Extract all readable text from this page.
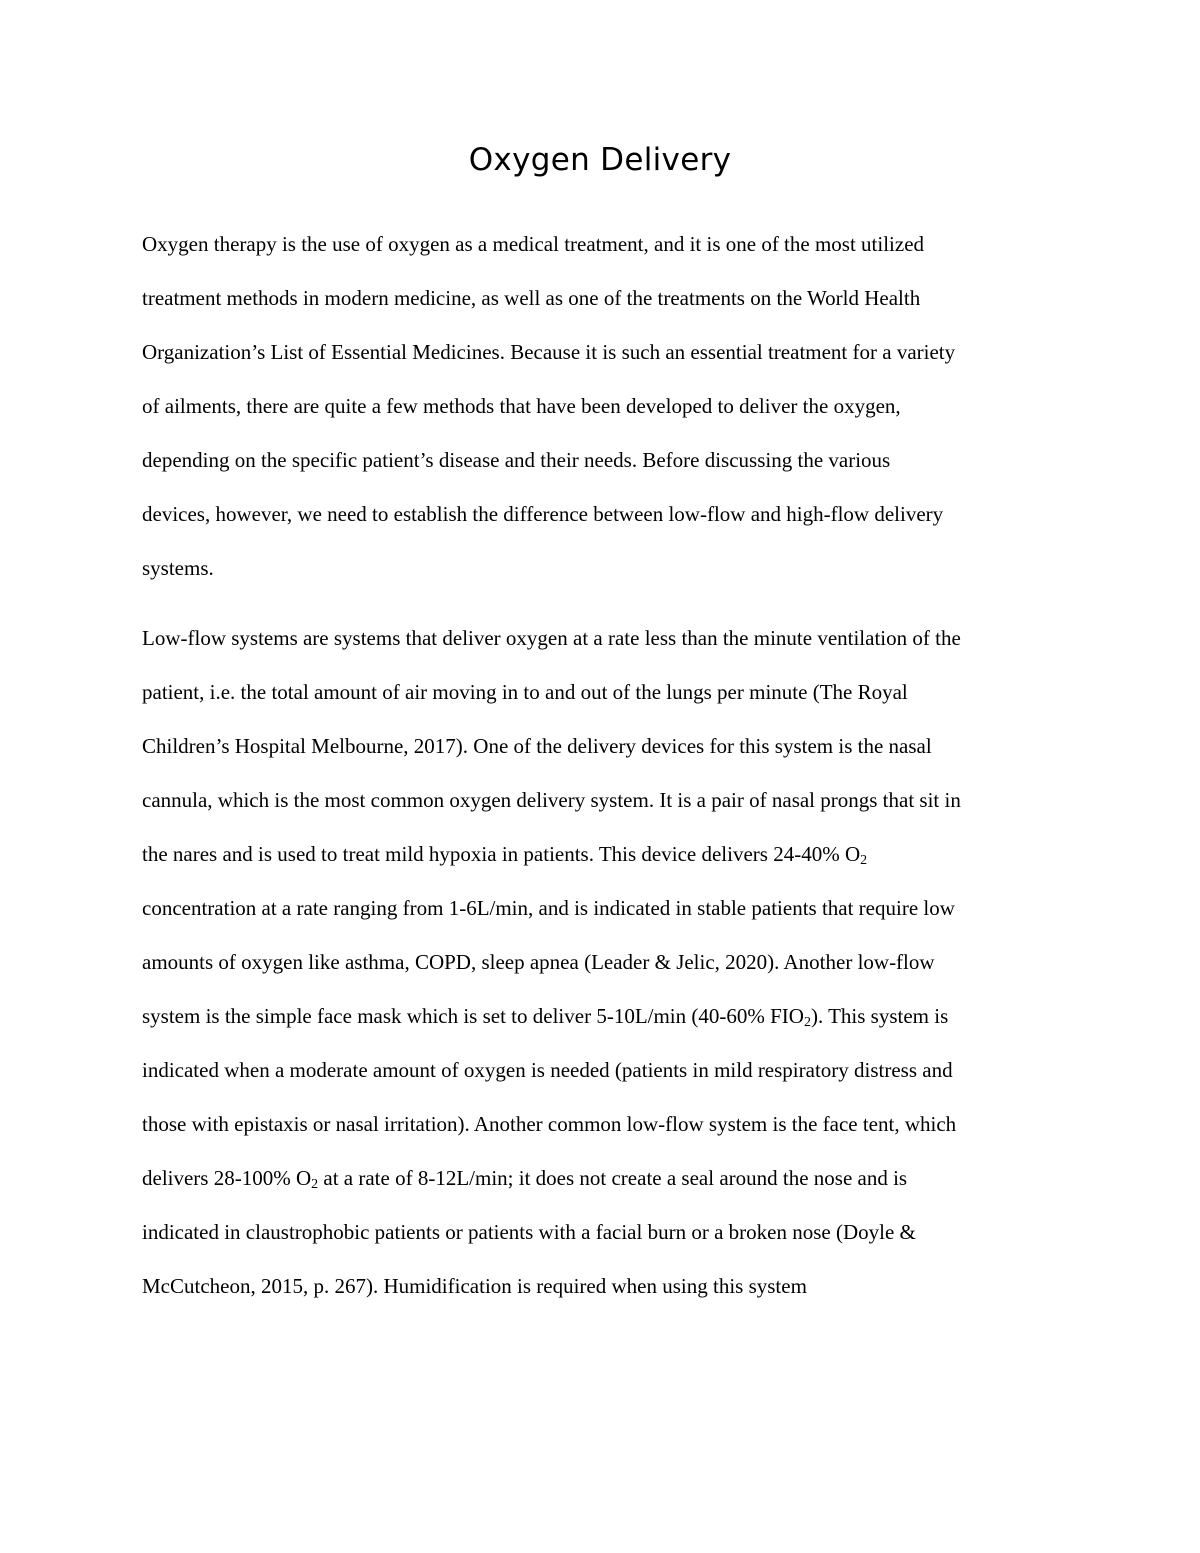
Oxygen Delivery

Oxygen therapy is the use of oxygen as a medical treatment, and it is one of the most utilized

treatment methods in modern medicine, as well as one of the treatments on the World Health

Organization’s List of Essential Medicines. Because it is such an essential treatment for a variety

of ailments, there are quite a few methods that have been developed to deliver the oxygen,

depending on the specific patient’s disease and their needs. Before discussing the various

devices, however, we need to establish the difference between low-flow and high-flow delivery

systems.

Low-flow systems are systems that deliver oxygen at a rate less than the minute ventilation of the

patient, i.e. the total amount of air moving in to and out of the lungs per minute (The Royal

Children’s Hospital Melbourne, 2017). One of the delivery devices for this system is the nasal

cannula, which is the most common oxygen delivery system. It is a pair of nasal prongs that sit in

the nares and is used to treat mild hypoxia in patients. This device delivers 24-40% $O_2$

concentration at a rate ranging from 1-6L/min, and is indicated in stable patients that require low

amounts of oxygen like asthma, COPD, sleep apnea (Leader & Jelic, 2020). Another low-flow

system is the simple face mask which is set to deliver 5-10L/min (40-60% $FIO_2$). This system is

indicated when a moderate amount of oxygen is needed (patients in mild respiratory distress and

those with epistaxis or nasal irritation). Another common low-flow system is the face tent, which

delivers 28-100% $O_2$ at a rate of 8-12L/min; it does not create a seal around the nose and is

indicated in claustrophobic patients or patients with a facial burn or a broken nose (Doyle &

McCutcheon, 2015, p. 267). Humidification is required when using this system
